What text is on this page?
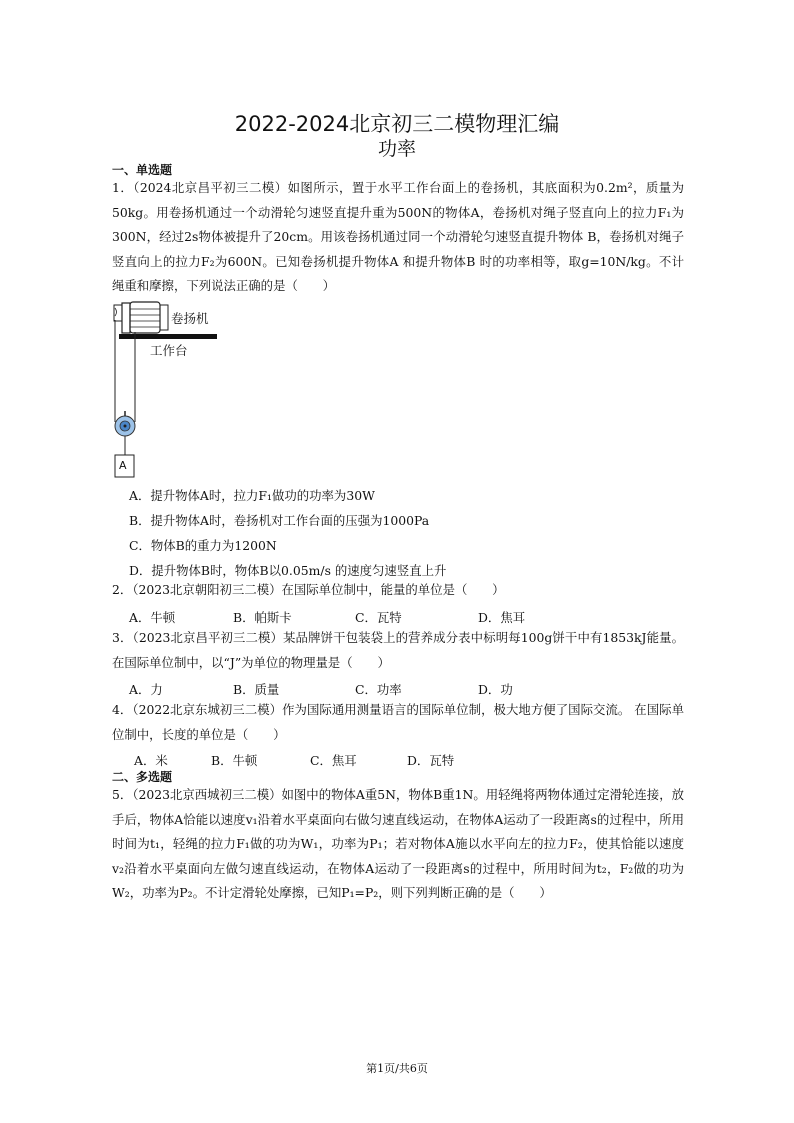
2022-2024北京初三二模物理汇编
功率
一、单选题
1．（2024北京昌平初三二模）如图所示，置于水平工作台面上的卷扬机，其底面积为0.2m²，质量为50kg。用卷扬机通过一个动滑轮匀速竖直提升重为500N的物体A，卷扬机对绳子竖直向上的拉力F₁为300N，经过2s物体被提升了20cm。用该卷扬机通过同一个动滑轮匀速竖直提升物体 B，卷扬机对绳子竖直向上的拉力F₂为600N。已知卷扬机提升物体A 和提升物体B 时的功率相等，取g=10N/kg。不计绳重和摩擦，下列说法正确的是（　　）
卷扬机
工作台
A
A．提升物体A时，拉力F₁做功的功率为30W
B．提升物体A时，卷扬机对工作台面的压强为1000Pa
C．物体B的重力为1200N
D．提升物体B时，物体B以0.05m/s 的速度匀速竖直上升
2．（2023北京朝阳初三二模）在国际单位制中，能量的单位是（　　）
A．牛顿	B．帕斯卡	C．瓦特	D．焦耳
3．（2023北京昌平初三二模）某品牌饼干包装袋上的营养成分表中标明每100g饼干中有1853kJ能量。在国际单位制中，以“J”为单位的物理量是（　　）
A．力	B．质量	C．功率	D．功
4．（2022北京东城初三二模）作为国际通用测量语言的国际单位制，极大地方便了国际交流。 在国际单位制中，长度的单位是（　　）
A．米	B．牛顿	C．焦耳	D．瓦特
二、多选题
5．（2023北京西城初三二模）如图中的物体A重5N，物体B重1N。用轻绳将两物体通过定滑轮连接，放手后，物体A恰能以速度v₁沿着水平桌面向右做匀速直线运动，在物体A运动了一段距离s的过程中，所用时间为t₁，轻绳的拉力F₁做的功为W₁，功率为P₁；若对物体A施以水平向左的拉力F₂，使其恰能以速度v₂沿着水平桌面向左做匀速直线运动，在物体A运动了一段距离s的过程中，所用时间为t₂，F₂做的功为W₂，功率为P₂。不计定滑轮处摩擦，已知P₁=P₂，则下列判断正确的是（　　）
第1页/共6页
